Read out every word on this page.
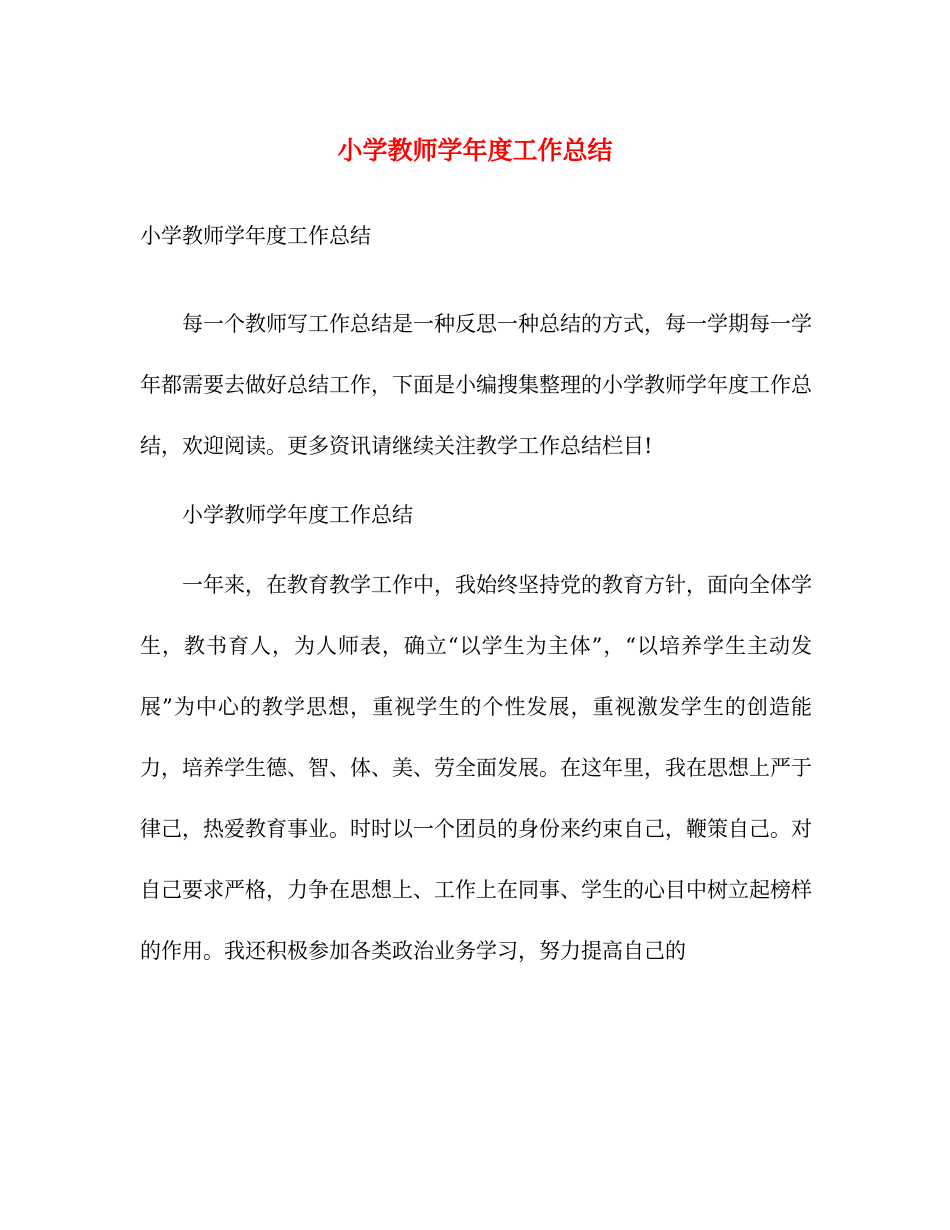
小学教师学年度工作总结

小学教师学年度工作总结

每一个教师写工作总结是一种反思一种总结的方式，每一学期每一学年都需要去做好总结工作，下面是小编搜集整理的小学教师学年度工作总结，欢迎阅读。更多资讯请继续关注教学工作总结栏目!

小学教师学年度工作总结

一年来，在教育教学工作中，我始终坚持党的教育方针，面向全体学生，教书育人，为人师表，确立“以学生为主体”，“以培养学生主动发展”为中心的教学思想，重视学生的个性发展，重视激发学生的创造能力，培养学生德、智、体、美、劳全面发展。在这年里，我在思想上严于律己，热爱教育事业。时时以一个团员的身份来约束自己，鞭策自己。对自己要求严格，力争在思想上、工作上在同事、学生的心目中树立起榜样的作用。我还积极参加各类政治业务学习，努力提高自己的
